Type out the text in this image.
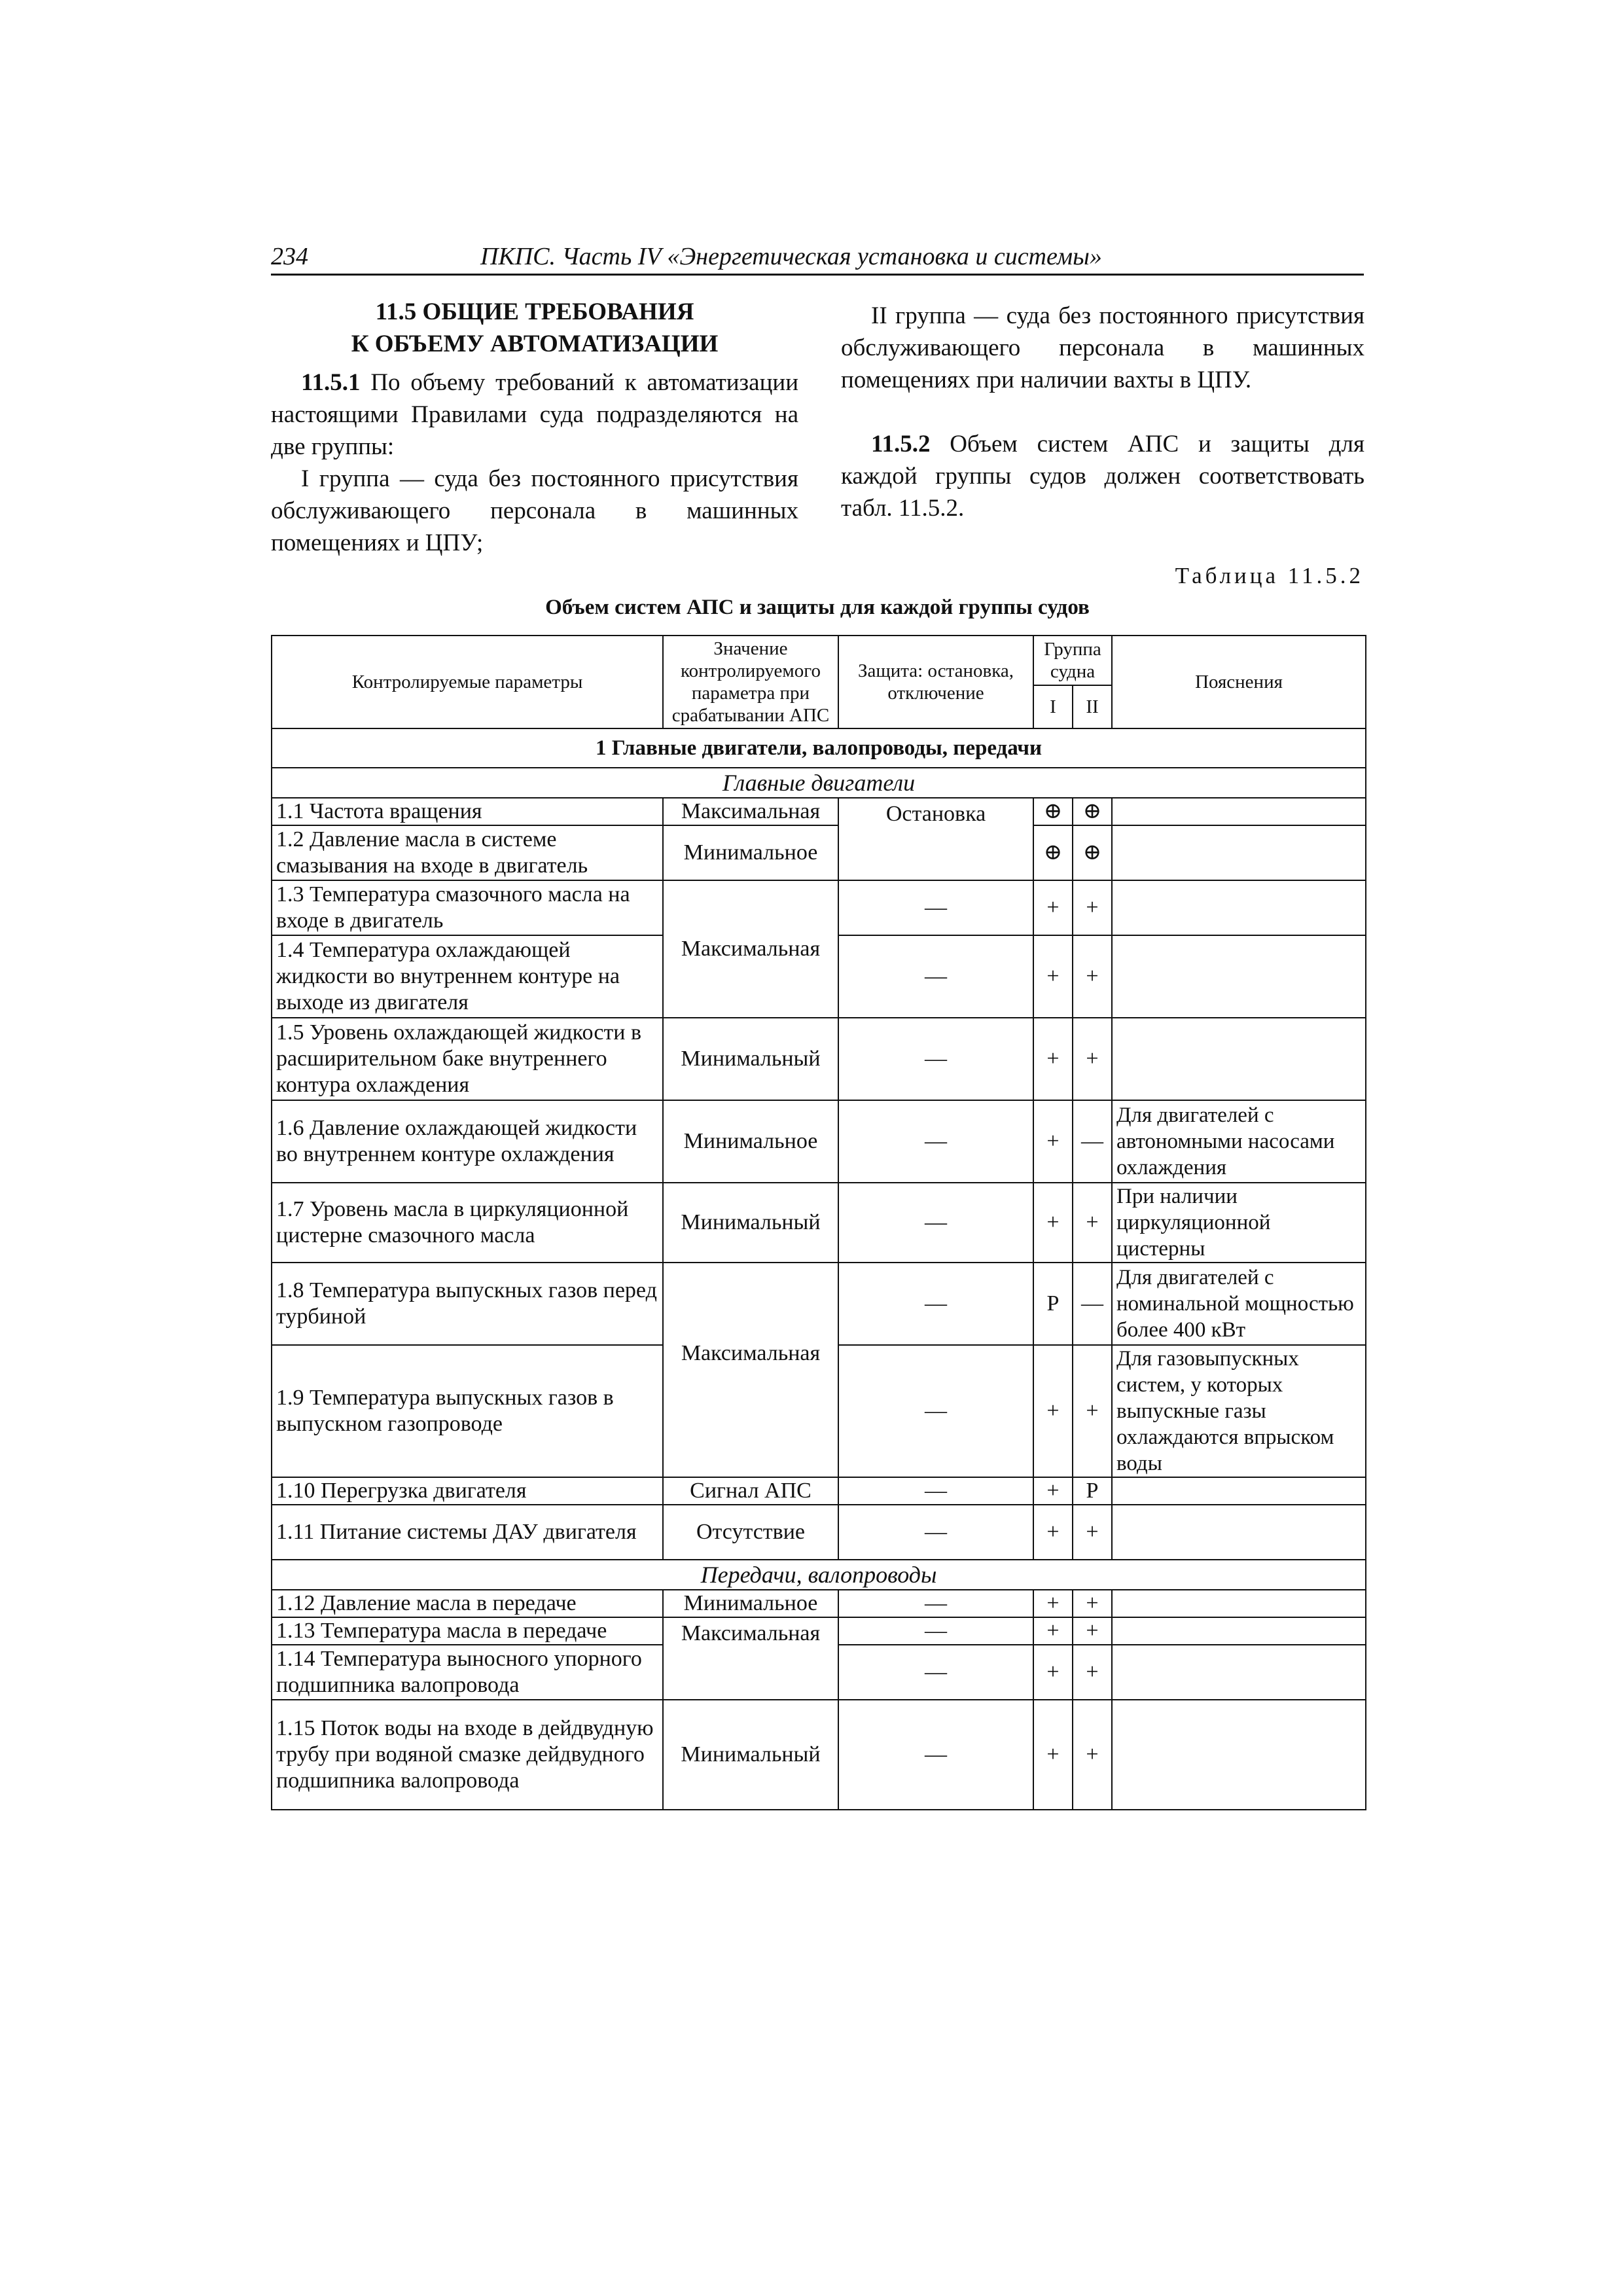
234	ПКПС. Часть IV «Энергетическая установка и системы»
11.5 ОБЩИЕ ТРЕБОВАНИЯ
К ОБЪЕМУ АВТОМАТИЗАЦИИ

11.5.1 По объему требований к автоматизации настоящими Правилами суда подразделяются на две группы:

I группа — суда без постоянного присутствия обслуживающего персонала в машинных помещениях и ЦПУ;

II группа — суда без постоянного присутствия обслуживающего персонала в машинных помещениях при наличии вахты в ЦПУ.

11.5.2 Объем систем АПС и защиты для каждой группы судов должен соответствовать табл. 11.5.2.

Таблица 11.5.2
Объем систем АПС и защиты для каждой группы судов
Контролируемые параметры	Значение контролируемого параметра при срабатывании АПС	Защита: остановка, отключение	Группа судна		Пояснения
			I	II	
1 Главные двигатели, валопроводы, передачи					
Главные двигатели					
1.1 Частота вращения	Максимальная	Остановка	⊕	⊕	
1.2 Давление масла в системе смазывания на входе в двигатель	Минимальное		⊕	⊕	
1.3 Температура смазочного масла на входе в двигатель	Максимальная	—	+	+	
1.4 Температура охлаждающей жидкости во внутреннем контуре на выходе из двигателя		—	+	+	
1.5 Уровень охлаждающей жидкости в расширительном баке внутреннего контура охлаждения	Минимальный	—	+	+	
1.6 Давление охлаждающей жидкости во внутреннем контуре охлаждения	Минимальное	—	+	—	Для двигателей с автономными насосами охлаждения
1.7 Уровень масла в циркуляционной цистерне смазочного масла	Минимальный	—	+	+	При наличии циркуляционной цистерны
1.8 Температура выпускных газов перед турбиной	Максимальная	—	Р	—	Для двигателей с номинальной мощностью более 400 кВт
1.9 Температура выпускных газов в выпускном газопроводе		—	+	+	Для газовыпускных систем, у которых выпускные газы охлаждаются впрыском воды
1.10 Перегрузка двигателя	Сигнал АПС	—	+	Р	
1.11 Питание системы ДАУ двигателя	Отсутствие	—	+	+	
Передачи, валопроводы					
1.12 Давление масла в передаче	Минимальное	—	+	+	
1.13 Температура масла в передаче	Максимальная	—	+	+	
1.14 Температура выносного упорного подшипника валопровода		—	+	+	
1.15 Поток воды на входе в дейдвудную трубу при водяной смазке дейдвудного подшипника валопровода	Минимальный	—	+	+	
